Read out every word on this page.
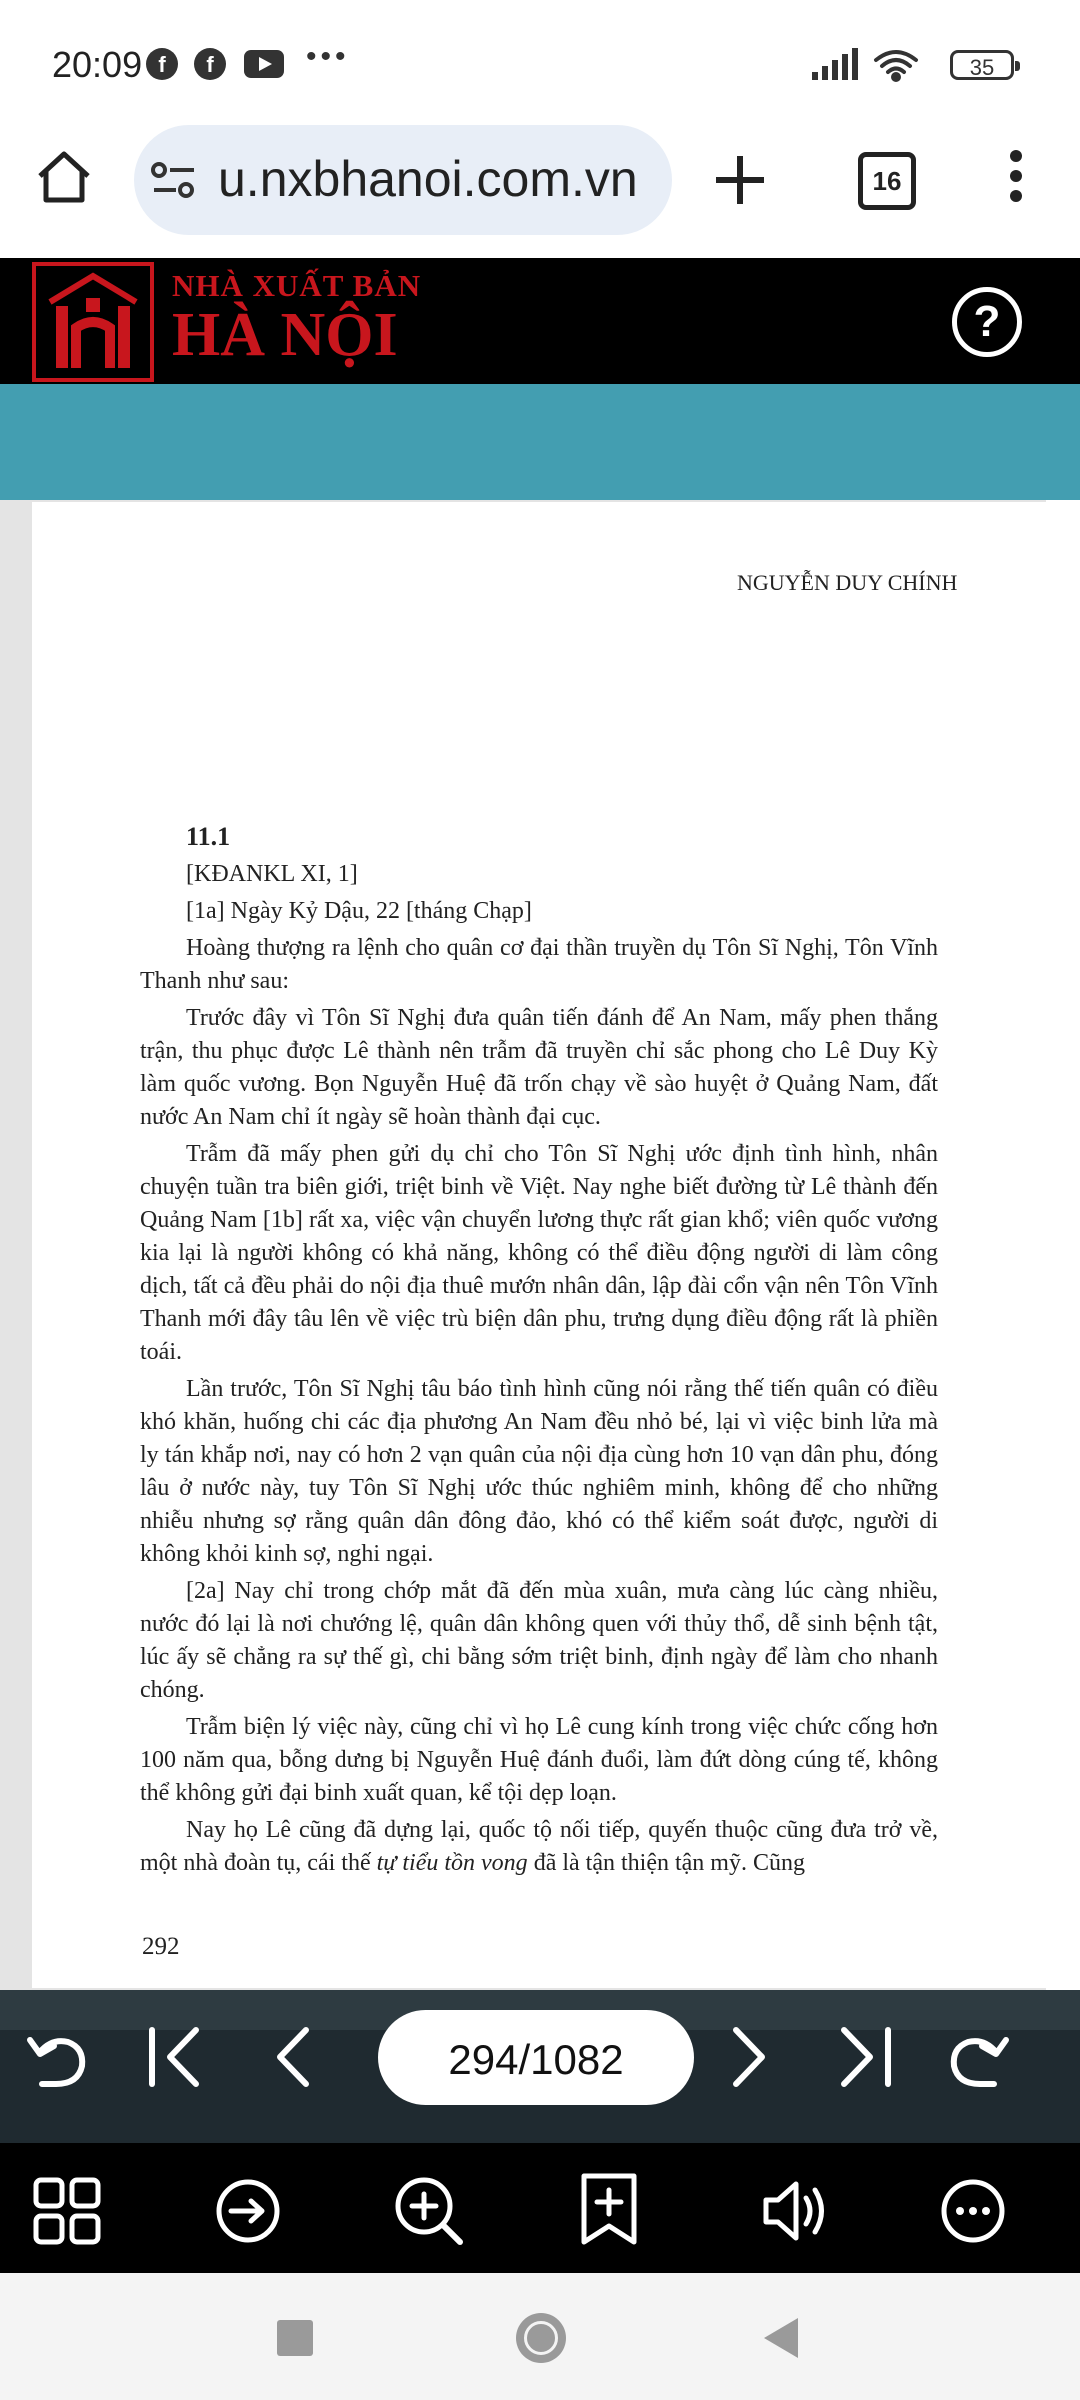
20:09 f	f	•••	35
u.nxbhanoi.com.vn	16
NHÀ XUẤT BẢN
HÀ NỘI	?
NGUYỄN DUY CHÍNH
11.1

[KĐANKL XI, 1]

[1a] Ngày Kỷ Dậu, 22 [tháng Chạp]

Hoàng thượng ra lệnh cho quân cơ đại thần truyền dụ Tôn Sĩ Nghị, Tôn Vĩnh Thanh như sau:

Trước đây vì Tôn Sĩ Nghị đưa quân tiến đánh để An Nam, mấy phen thắng trận, thu phục được Lê thành nên trẫm đã truyền chỉ sắc phong cho Lê Duy Kỳ làm quốc vương. Bọn Nguyễn Huệ đã trốn chạy về sào huyệt ở Quảng Nam, đất nước An Nam chỉ ít ngày sẽ hoàn thành đại cục.

Trẫm đã mấy phen gửi dụ chỉ cho Tôn Sĩ Nghị ước định tình hình, nhân chuyện tuần tra biên giới, triệt binh về Việt. Nay nghe biết đường từ Lê thành đến Quảng Nam [1b] rất xa, việc vận chuyển lương thực rất gian khổ; viên quốc vương kia lại là người không có khả năng, không có thể điều động người di làm công dịch, tất cả đều phải do nội địa thuê mướn nhân dân, lập đài cổn vận nên Tôn Vĩnh Thanh mới đây tâu lên về việc trù biện dân phu, trưng dụng điều động rất là phiền toái.

Lần trước, Tôn Sĩ Nghị tâu báo tình hình cũng nói rằng thế tiến quân có điều khó khăn, huống chi các địa phương An Nam đều nhỏ bé, lại vì việc binh lửa mà ly tán khắp nơi, nay có hơn 2 vạn quân của nội địa cùng hơn 10 vạn dân phu, đóng lâu ở nước này, tuy Tôn Sĩ Nghị ước thúc nghiêm minh, không để cho những nhiễu nhưng sợ rằng quân dân đông đảo, khó có thể kiểm soát được, người di không khỏi kinh sợ, nghi ngại.

[2a] Nay chỉ trong chớp mắt đã đến mùa xuân, mưa càng lúc càng nhiều, nước đó lại là nơi chướng lệ, quân dân không quen với thủy thổ, dễ sinh bệnh tật, lúc ấy sẽ chẳng ra sự thế gì, chi bằng sớm triệt binh, định ngày để làm cho nhanh chóng.

Trẫm biện lý việc này, cũng chỉ vì họ Lê cung kính trong việc chức cống hơn 100 năm qua, bỗng dưng bị Nguyễn Huệ đánh đuổi, làm đứt dòng cúng tế, không thể không gửi đại binh xuất quan, kể tội dẹp loạn.

Nay họ Lê cũng đã dựng lại, quốc tộ nối tiếp, quyến thuộc cũng đưa trở về, một nhà đoàn tụ, cái thế tự tiểu tồn vong đã là tận thiện tận mỹ. Cũng

292
294/1082
